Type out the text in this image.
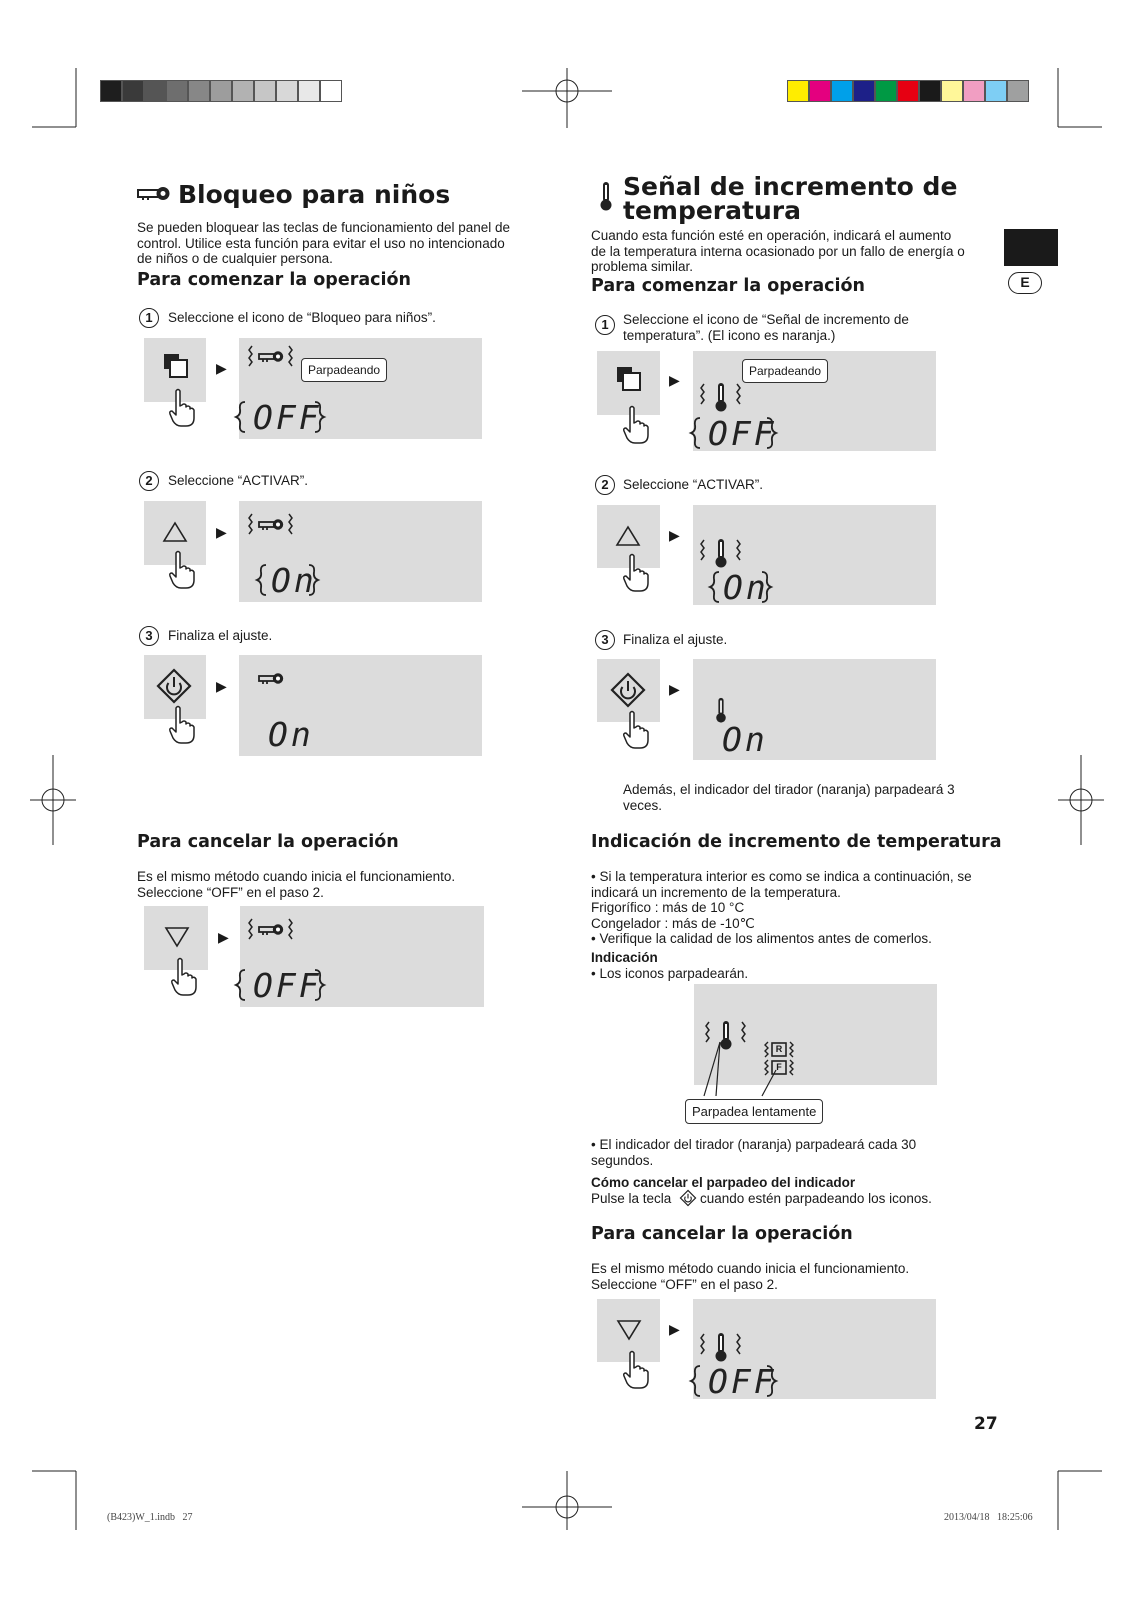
E
Bloqueo para niños
Se pueden bloquear las teclas de funcionamiento del panel de
control. Utilice esta función para evitar el uso no intencionado
de niños o de cualquier persona.
Para comenzar la operación
1	Seleccione el icono de “Bloqueo para niños”.
▶	Parpadeando
OFF
2	Seleccione “ACTIVAR”.
▶
On
3	Finaliza el ajuste.
▶
On
Para cancelar la operación
Es el mismo método cuando inicia el funcionamiento.
Seleccione “OFF” en el paso 2.
▶
OFF
Señal de incremento de
temperatura
Cuando esta función esté en operación, indicará el aumento
de la temperatura interna ocasionado por un fallo de energía o
problema similar.
Para comenzar la operación
1	Seleccione el icono de “Señal de incremento de
temperatura”. (El icono es naranja.)
▶
Parpadeando
OFF
2	Seleccione “ACTIVAR”.
▶
On
3	Finaliza el ajuste.
▶
On
Además, el indicador del tirador (naranja) parpadeará 3
veces.
Indicación de incremento de temperatura
• Si la temperatura interior es como se indica a continuación, se
indicará un incremento de la temperatura.
Frigorífico : más de 10 °C
Congelador : más de -10℃
• Verifique la calidad de los alimentos antes de comerlos.
Indicación
• Los iconos parpadearán.
R
F
Parpadea lentamente
• El indicador del tirador (naranja) parpadeará cada 30
segundos.
Cómo cancelar el parpadeo del indicador
Pulse la tecla cuando estén parpadeando los iconos.
Para cancelar la operación
Es el mismo método cuando inicia el funcionamiento.
Seleccione “OFF” en el paso 2.
▶
OFF
27
(B423)W_1.indb   27	2013/04/18   18:25:06
